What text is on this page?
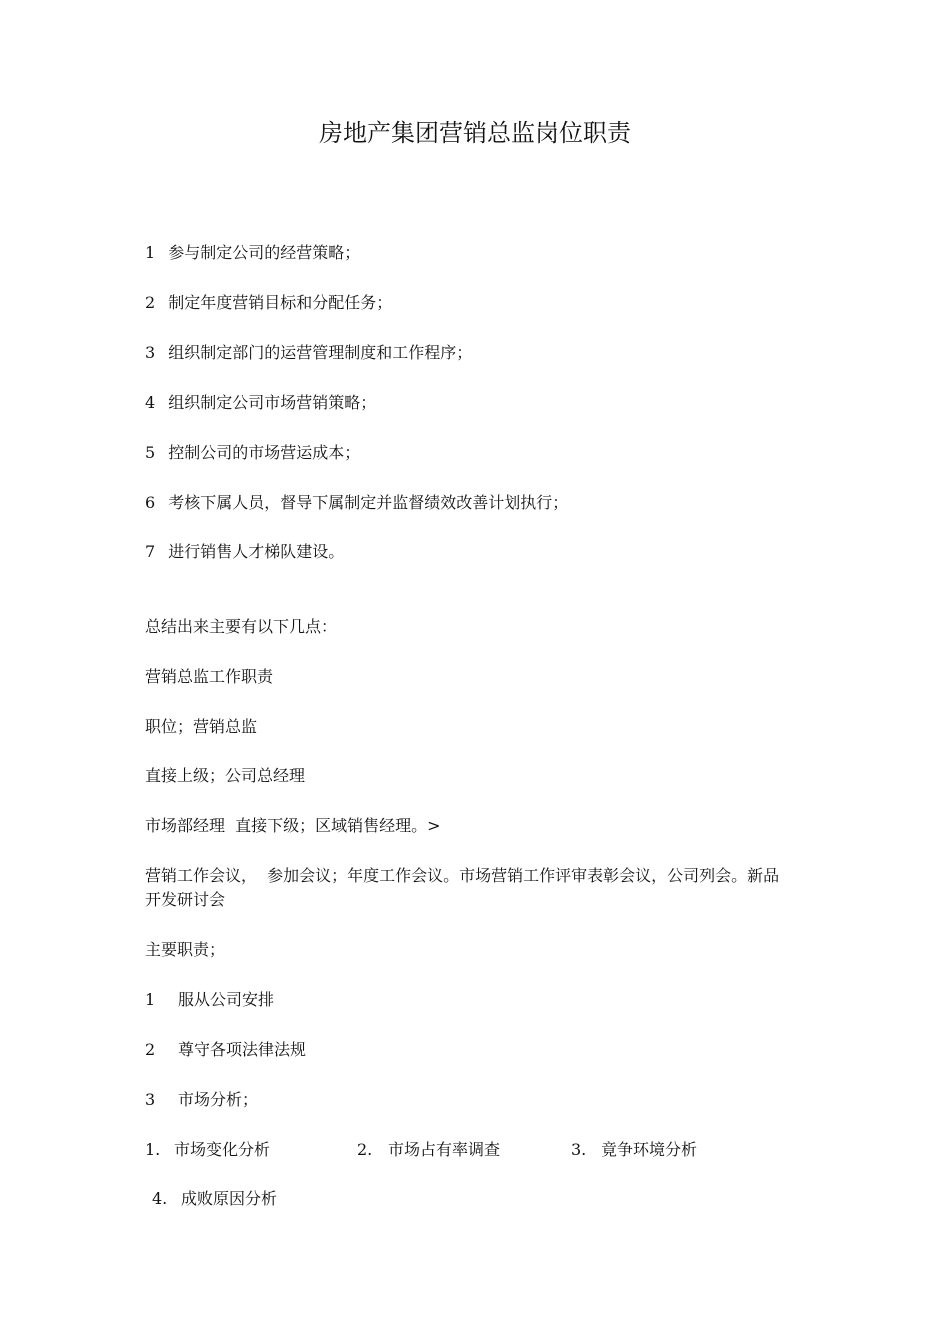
房地产集团营销总监岗位职责
1 参与制定公司的经营策略；
2 制定年度营销目标和分配任务；
3 组织制定部门的运营管理制度和工作程序；
4 组织制定公司市场营销策略；
5 控制公司的市场营运成本；
6 考核下属人员，督导下属制定并监督绩效改善计划执行；
7 进行销售人才梯队建设。
总结出来主要有以下几点：
营销总监工作职责
职位；营销总监
直接上级；公司总经理
市场部经理  直接下级；区域销售经理。>
营销工作会议，  参加会议；年度工作会议。市场营销工作评审表彰会议，公司列会。新品
开发研讨会
主要职责；
1 服从公司安排
2 尊守各项法律法规
3 市场分析；
1. 市场变化分析	2. 市场占有率调查	3. 竟争环境分析
4. 成败原因分析
